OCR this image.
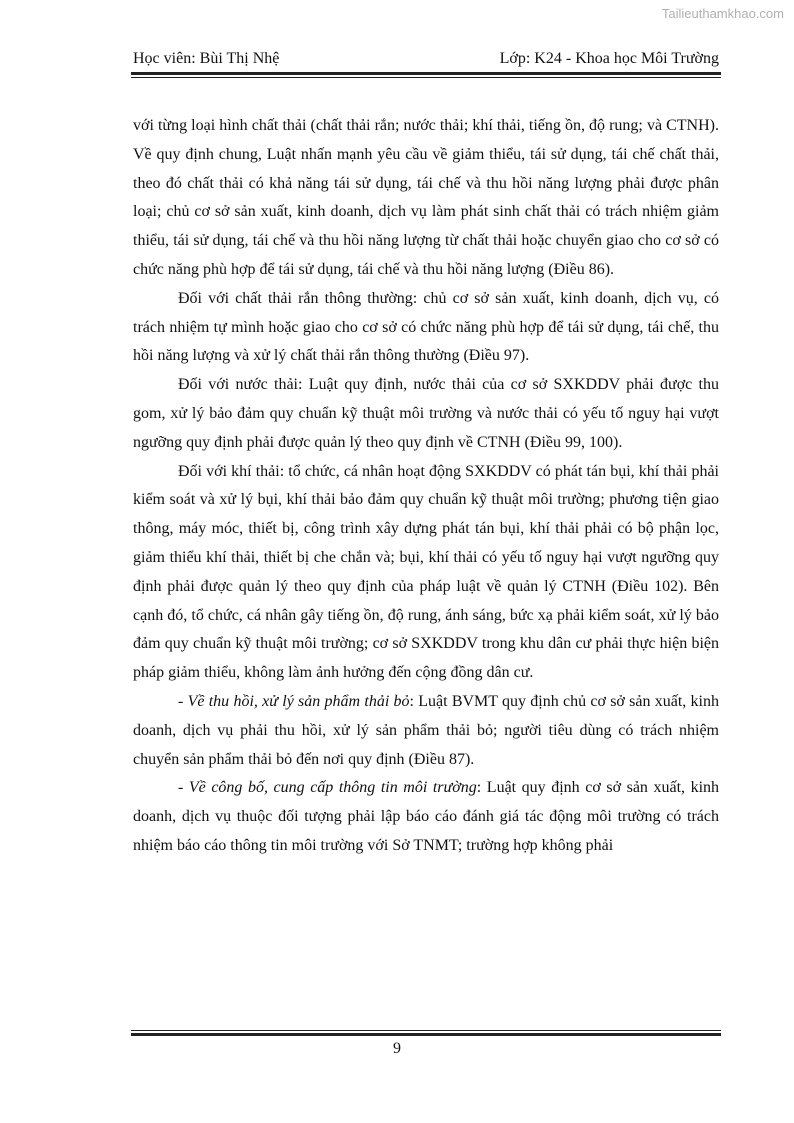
Tailieuthamkhao.com
Học viên: Bùi Thị Nhệ	Lớp: K24 - Khoa học Môi Trường

với từng loại hình chất thải (chất thải rắn; nước thải; khí thải, tiếng ồn, độ rung; và CTNH). Về quy định chung, Luật nhấn mạnh yêu cầu về giảm thiểu, tái sử dụng, tái chế chất thải, theo đó chất thải có khả năng tái sử dụng, tái chế và thu hồi năng lượng phải được phân loại; chủ cơ sở sản xuất, kinh doanh, dịch vụ làm phát sinh chất thải có trách nhiệm giảm thiểu, tái sử dụng, tái chế và thu hồi năng lượng từ chất thải hoặc chuyển giao cho cơ sở có chức năng phù hợp để tái sử dụng, tái chế và thu hồi năng lượng (Điều 86).

Đối với chất thải rắn thông thường: chủ cơ sở sản xuất, kinh doanh, dịch vụ, có trách nhiệm tự mình hoặc giao cho cơ sở có chức năng phù hợp để tái sử dụng, tái chế, thu hồi năng lượng và xử lý chất thải rắn thông thường (Điều 97).

Đối với nước thải: Luật quy định, nước thải của cơ sở SXKDDV phải được thu gom, xử lý bảo đảm quy chuẩn kỹ thuật môi trường và nước thải có yếu tố nguy hại vượt ngưỡng quy định phải được quản lý theo quy định về CTNH (Điều 99, 100).

Đối với khí thải: tổ chức, cá nhân hoạt động SXKDDV có phát tán bụi, khí thải phải kiểm soát và xử lý bụi, khí thải bảo đảm quy chuẩn kỹ thuật môi trường; phương tiện giao thông, máy móc, thiết bị, công trình xây dựng phát tán bụi, khí thải phải có bộ phận lọc, giảm thiểu khí thải, thiết bị che chắn và; bụi, khí thải có yếu tố nguy hại vượt ngưỡng quy định phải được quản lý theo quy định của pháp luật về quản lý CTNH (Điều 102). Bên cạnh đó, tổ chức, cá nhân gây tiếng ồn, độ rung, ánh sáng, bức xạ phải kiểm soát, xử lý bảo đảm quy chuẩn kỹ thuật môi trường; cơ sở SXKDDV trong khu dân cư phải thực hiện biện pháp giảm thiểu, không làm ảnh hưởng đến cộng đồng dân cư.

- Về thu hồi, xử lý sản phẩm thải bỏ: Luật BVMT quy định chủ cơ sở sản xuất, kinh doanh, dịch vụ phải thu hồi, xử lý sản phẩm thải bỏ; người tiêu dùng có trách nhiệm chuyển sản phẩm thải bỏ đến nơi quy định (Điều 87).

- Về công bố, cung cấp thông tin môi trường: Luật quy định cơ sở sản xuất, kinh doanh, dịch vụ thuộc đối tượng phải lập báo cáo đánh giá tác động môi trường có trách nhiệm báo cáo thông tin môi trường với Sở TNMT; trường hợp không phải

9
